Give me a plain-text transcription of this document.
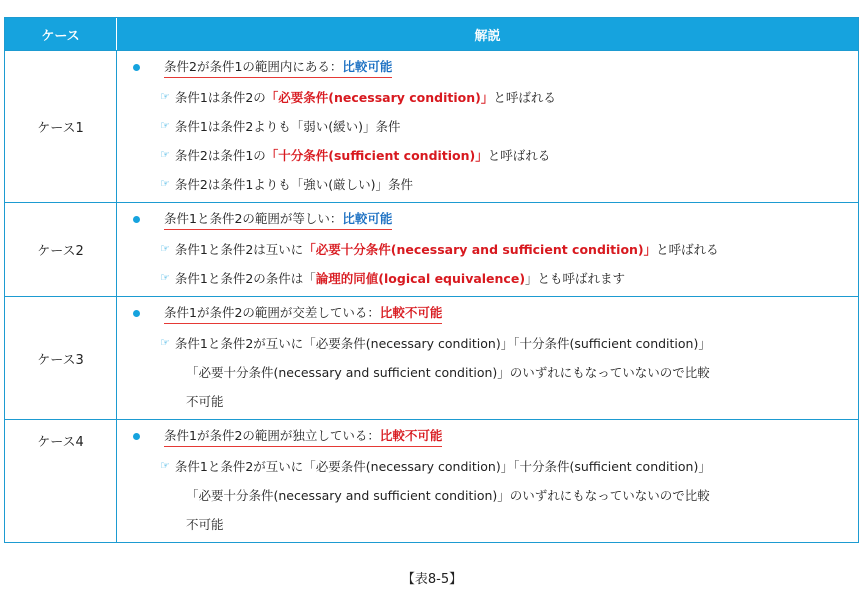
ケース	解説
ケース1
条件2が条件1の範囲内にある：比較可能
☞ 条件1は条件2の 「必要条件(necessary condition)」 と呼ばれる
☞ 条件1は条件2よりも「弱い(緩い)」条件
☞ 条件2は条件1の 「十分条件(sufficient condition)」 と呼ばれる
☞ 条件2は条件1よりも「強い(厳しい)」条件
ケース2
条件1と条件2の範囲が等しい：比較可能
☞ 条件1と条件2は互いに 「必要十分条件(necessary and sufficient condition)」 と呼ばれる
☞ 条件1と条件2の条件は「 論理的同値(logical equivalence) 」とも呼ばれます
ケース3
条件1が条件2の範囲が交差している：比較不可能
☞ 条件1と条件2が互いに「必要条件(necessary condition)」「十分条件(sufficient condition)」
「必要十分条件(necessary and sufficient condition)」のいずれにもなっていないので比較
不可能
ケース4	条件1が条件2の範囲が独立している：比較不可能
☞ 条件1と条件2が互いに「必要条件(necessary condition)」「十分条件(sufficient condition)」
「必要十分条件(necessary and sufficient condition)」のいずれにもなっていないので比較
不可能
【表8-5】
